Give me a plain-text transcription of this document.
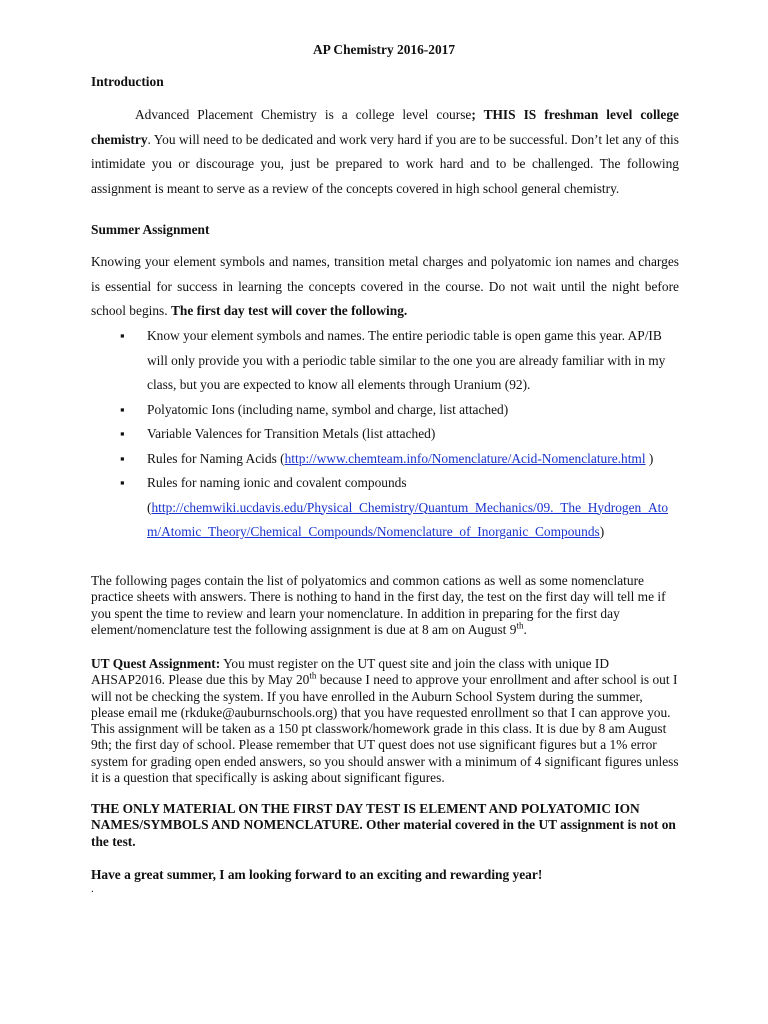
AP Chemistry 2016-2017
Introduction

Advanced Placement Chemistry is a college level course; THIS IS freshman level college chemistry. You will need to be dedicated and work very hard if you are to be successful. Don’t let any of this intimidate you or discourage you, just be prepared to work hard and to be challenged. The following assignment is meant to serve as a review of the concepts covered in high school general chemistry.

Summer Assignment

Knowing your element symbols and names, transition metal charges and polyatomic ion names and charges is essential for success in learning the concepts covered in the course. Do not wait until the night before school begins. The first day test will cover the following.

▪ Know your element symbols and names. The entire periodic table is open game this year. AP/IB will only provide you with a periodic table similar to the one you are already familiar with in my class, but you are expected to know all elements through Uranium (92).
▪ Polyatomic Ions (including name, symbol and charge, list attached)
▪ Variable Valences for Transition Metals (list attached)
▪ Rules for Naming Acids (http://www.chemteam.info/Nomenclature/Acid-Nomenclature.html )
▪ Rules for naming ionic and covalent compounds
(http://chemwiki.ucdavis.edu/Physical_Chemistry/Quantum_Mechanics/09._The_Hydrogen_Atom/Atomic_Theory/Chemical_Compounds/Nomenclature_of_Inorganic_Compounds)

The following pages contain the list of polyatomics and common cations as well as some nomenclature practice sheets with answers. There is nothing to hand in the first day, the test on the first day will tell me if you spent the time to review and learn your nomenclature. In addition in preparing for the first day element/nomenclature test the following assignment is due at 8 am on August 9th.

UT Quest Assignment: You must register on the UT quest site and join the class with unique ID AHSAP2016. Please due this by May 20th because I need to approve your enrollment and after school is out I will not be checking the system. If you have enrolled in the Auburn School System during the summer, please email me (rkduke@auburnschools.org) that you have requested enrollment so that I can approve you. This assignment will be taken as a 150 pt classwork/homework grade in this class. It is due by 8 am August 9th; the first day of school. Please remember that UT quest does not use significant figures but a 1% error system for grading open ended answers, so you should answer with a minimum of 4 significant figures unless it is a question that specifically is asking about significant figures.

THE ONLY MATERIAL ON THE FIRST DAY TEST IS ELEMENT AND POLYATOMIC ION NAMES/SYMBOLS AND NOMENCLATURE. Other material covered in the UT assignment is not on the test.

Have a great summer, I am looking forward to an exciting and rewarding year!

.
